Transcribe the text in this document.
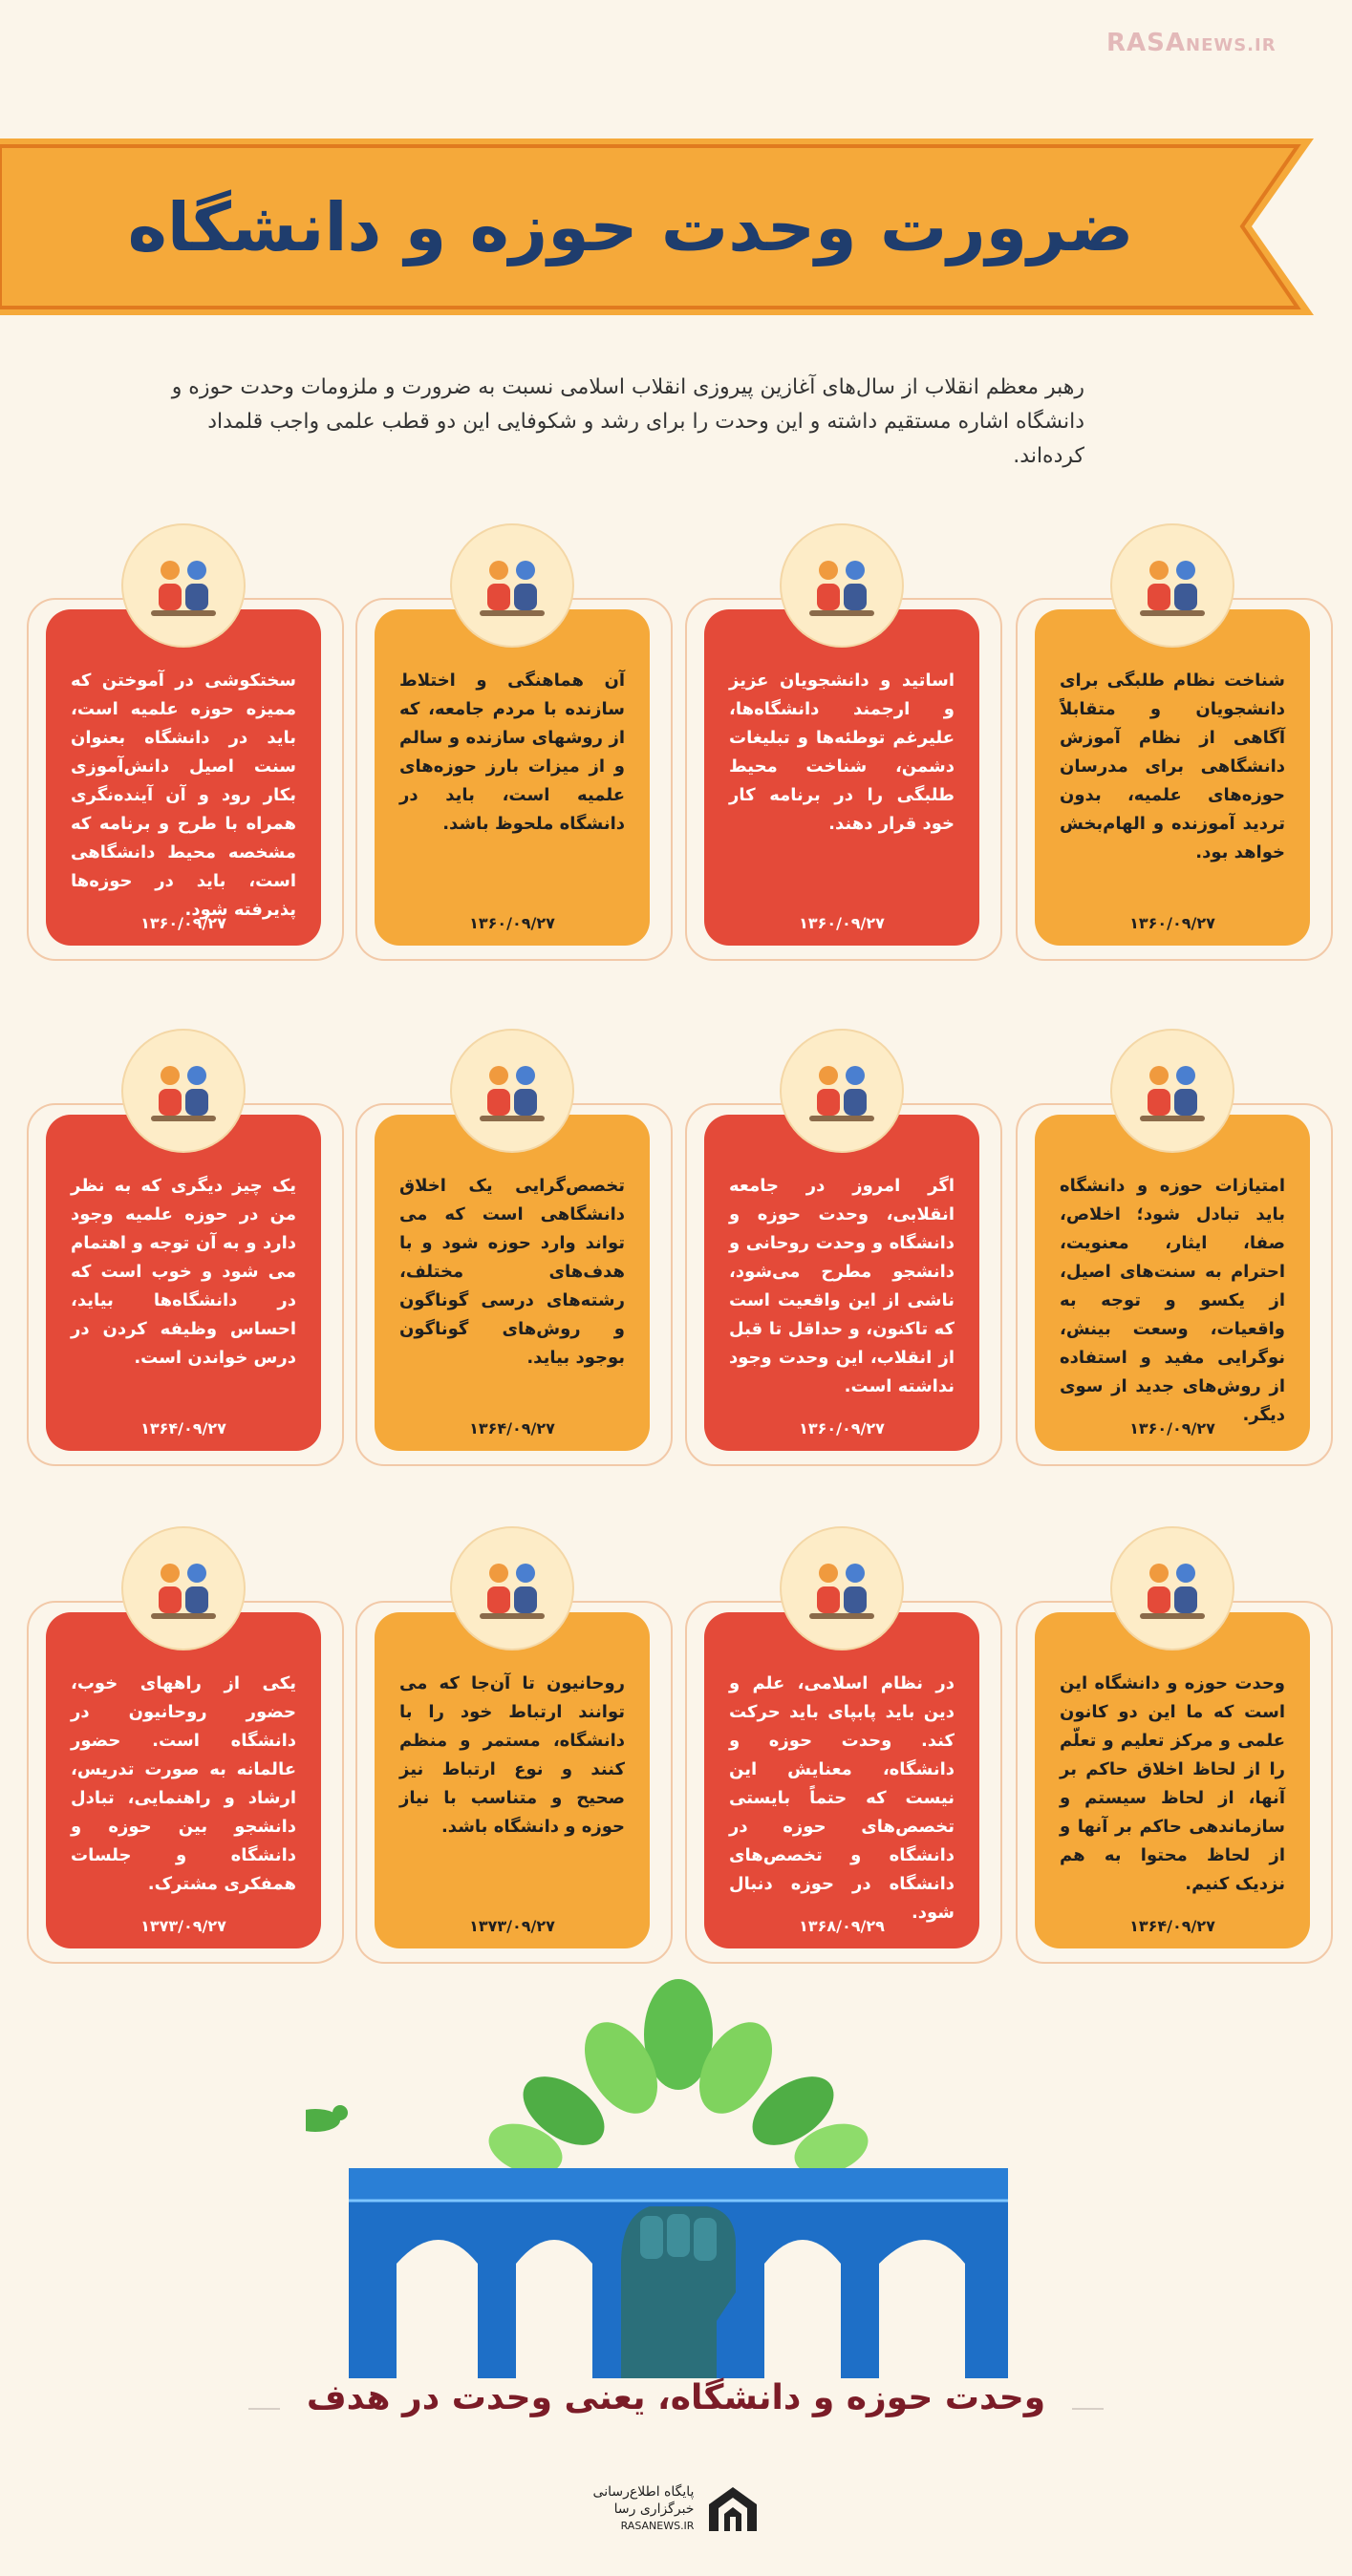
RASANEWS.IR
ضرورت وحدت حوزه و دانشگاه
رهبر معظم انقلاب از سال‌های آغازین پیروزی انقلاب اسلامی نسبت به ضرورت و ملزومات وحدت حوزه و دانشگاه اشاره مستقیم داشته و این وحدت را برای رشد و شکوفایی این دو قطب علمی واجب قلمداد کرده‌اند.
شناخت نظام طلبگی برای دانشجویان و متقابلاً آگاهی از نظام آموزش دانشگاهی برای مدرسان حوزه‌های علمیه، بدون تردید آموزنده و الهام‌بخش خواهد بود.
۱۳۶۰/۰۹/۲۷
اساتید و دانشجویان عزیز و ارجمند دانشگاه‌ها، علیرغم توطئه‌ها و تبلیغات دشمن، شناخت محیط طلبگی را در برنامه کار خود قرار دهند.
۱۳۶۰/۰۹/۲۷
آن هماهنگی و اختلاط سازنده با مردم جامعه، که از روشهای سازنده و سالم و از میزات بارز حوزه‌های علمیه است، باید در دانشگاه ملحوظ باشد.
۱۳۶۰/۰۹/۲۷
سختکوشی در آموختن که ممیزه حوزه علمیه است، باید در دانشگاه بعنوان سنت اصیل دانش‌آموزی بکار رود و آن آینده‌نگری همراه با طرح و برنامه که مشخصه محیط دانشگاهی است، باید در حوزه‌ها پذیرفته شود.
۱۳۶۰/۰۹/۲۷
امتیازات حوزه و دانشگاه باید تبادل شود؛ اخلاص، صفا، ایثار، معنویت، احترام به سنت‌های اصیل، از یکسو و توجه به واقعیات، وسعت بینش، نوگرایی مفید و استفاده از روش‌های جدید از سوی دیگر.
۱۳۶۰/۰۹/۲۷
اگر امروز در جامعه انقلابی، وحدت حوزه و دانشگاه و وحدت روحانی و دانشجو مطرح می‌شود، ناشی از این واقعیت است که تاکنون، و حداقل تا قبل از انقلاب، این وحدت وجود نداشته است.
۱۳۶۰/۰۹/۲۷
تخصص‌گرایی یک اخلاق دانشگاهی است که می تواند وارد حوزه شود و با هدف‌های مختلف، رشته‌های درسی گوناگون و روش‌های گوناگون بوجود بیاید.
۱۳۶۴/۰۹/۲۷
یک چیز دیگری که به نظر من در حوزه علمیه وجود دارد و به آن توجه و اهتمام می شود و خوب است که در دانشگاه‌ها بیاید، احساس وظیفه کردن در درس خواندن است.
۱۳۶۴/۰۹/۲۷
وحدت حوزه و دانشگاه این است که ما این دو کانون علمی و مرکز تعلیم و تعلّم را از لحاظ اخلاق حاکم بر آنها، از لحاظ سیستم و سازماندهی حاکم بر آنها و از لحاظ محتوا به هم نزدیک کنیم.
۱۳۶۴/۰۹/۲۷
در نظام اسلامی، علم و دین باید پابپای باید حرکت کند. وحدت حوزه و دانشگاه، معنایش این نیست که حتماً بایستی تخصص‌های حوزه در دانشگاه و تخصص‌های دانشگاه در حوزه دنبال شود.
۱۳۶۸/۰۹/۲۹
روحانیون تا آن‌جا که می توانند ارتباط خود را با دانشگاه، مستمر و منظم کنند و نوع ارتباط نیز صحیح و متناسب با نیاز حوزه و دانشگاه باشد.
۱۳۷۳/۰۹/۲۷
یکی از راههای خوب، حضور روحانیون در دانشگاه است. حضور عالمانه به صورت تدریس، ارشاد و راهنمایی، تبادل دانشجو بین حوزه و دانشگاه و جلسات همفکری مشترک.
۱۳۷۳/۰۹/۲۷
وحدت حوزه و دانشگاه، یعنی وحدت در هدف
پایگاه اطلاع‌رسانی
خبرگزاری رسا
RASANEWS.IR
